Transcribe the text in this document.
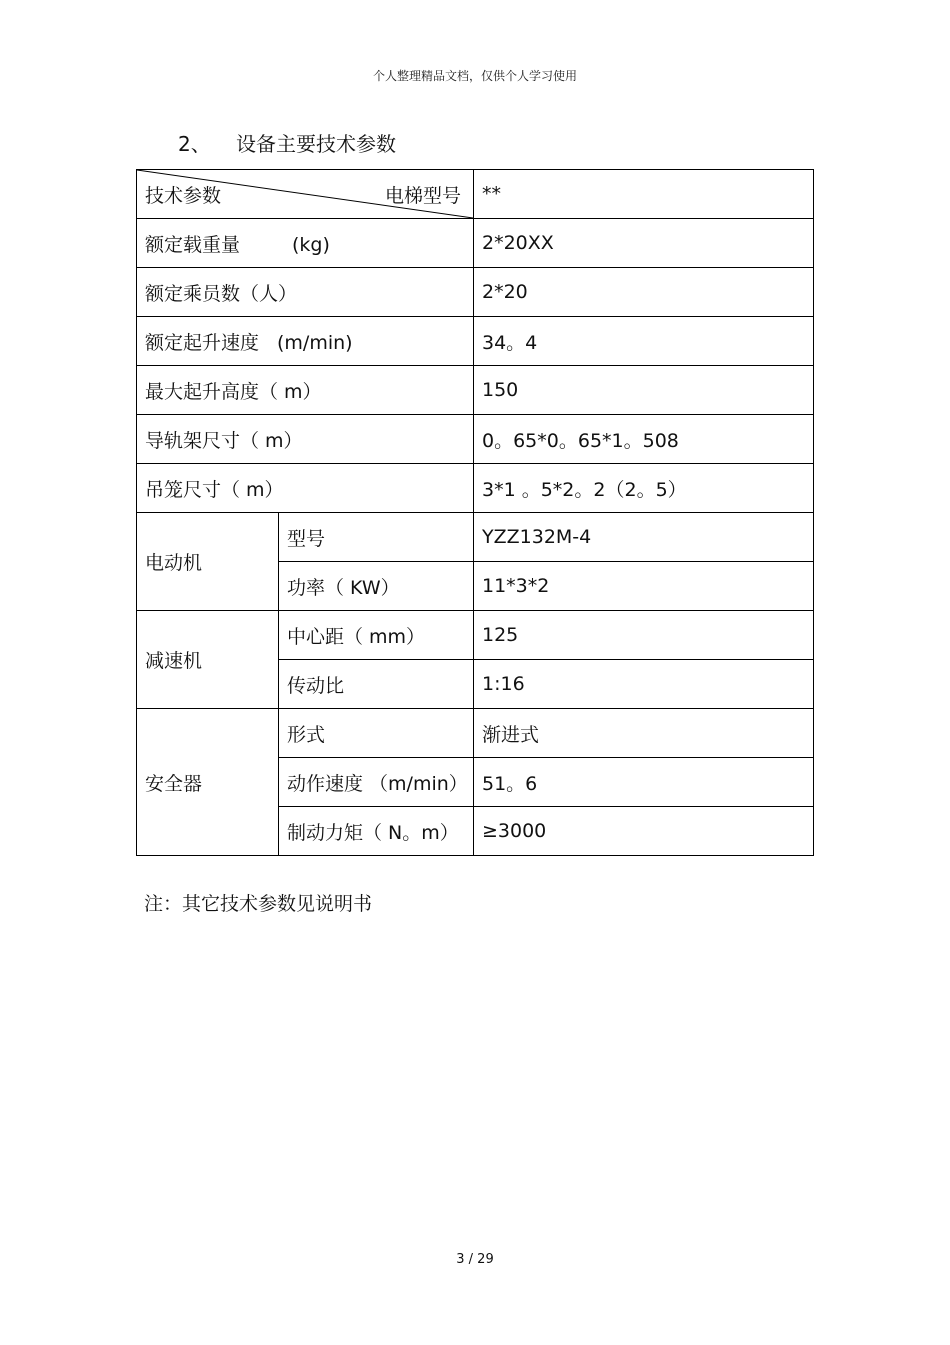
个人整理精品文档，仅供个人学习使用
2、 设备主要技术参数
技术参数 电梯型号		**
额定载重量 (kg)		2*20XX
额定乘员数（人）		2*20
额定起升速度 (m/min)		34。4
最大起升高度（ m）		150
导轨架尺寸（ m）		0。65*0。65*1。508
吊笼尺寸（ m）		3*1 。5*2。2（2。5）
电动机	型号	YZZ132M-4
	功率（ KW）	11*3*2
减速机	中心距（ mm）	125
	传动比	1:16
安全器	形式	渐进式
	动作速度 （m/min）	51。6
	制动力矩（ N。m）	≥3000
注：其它技术参数见说明书
3 / 29
